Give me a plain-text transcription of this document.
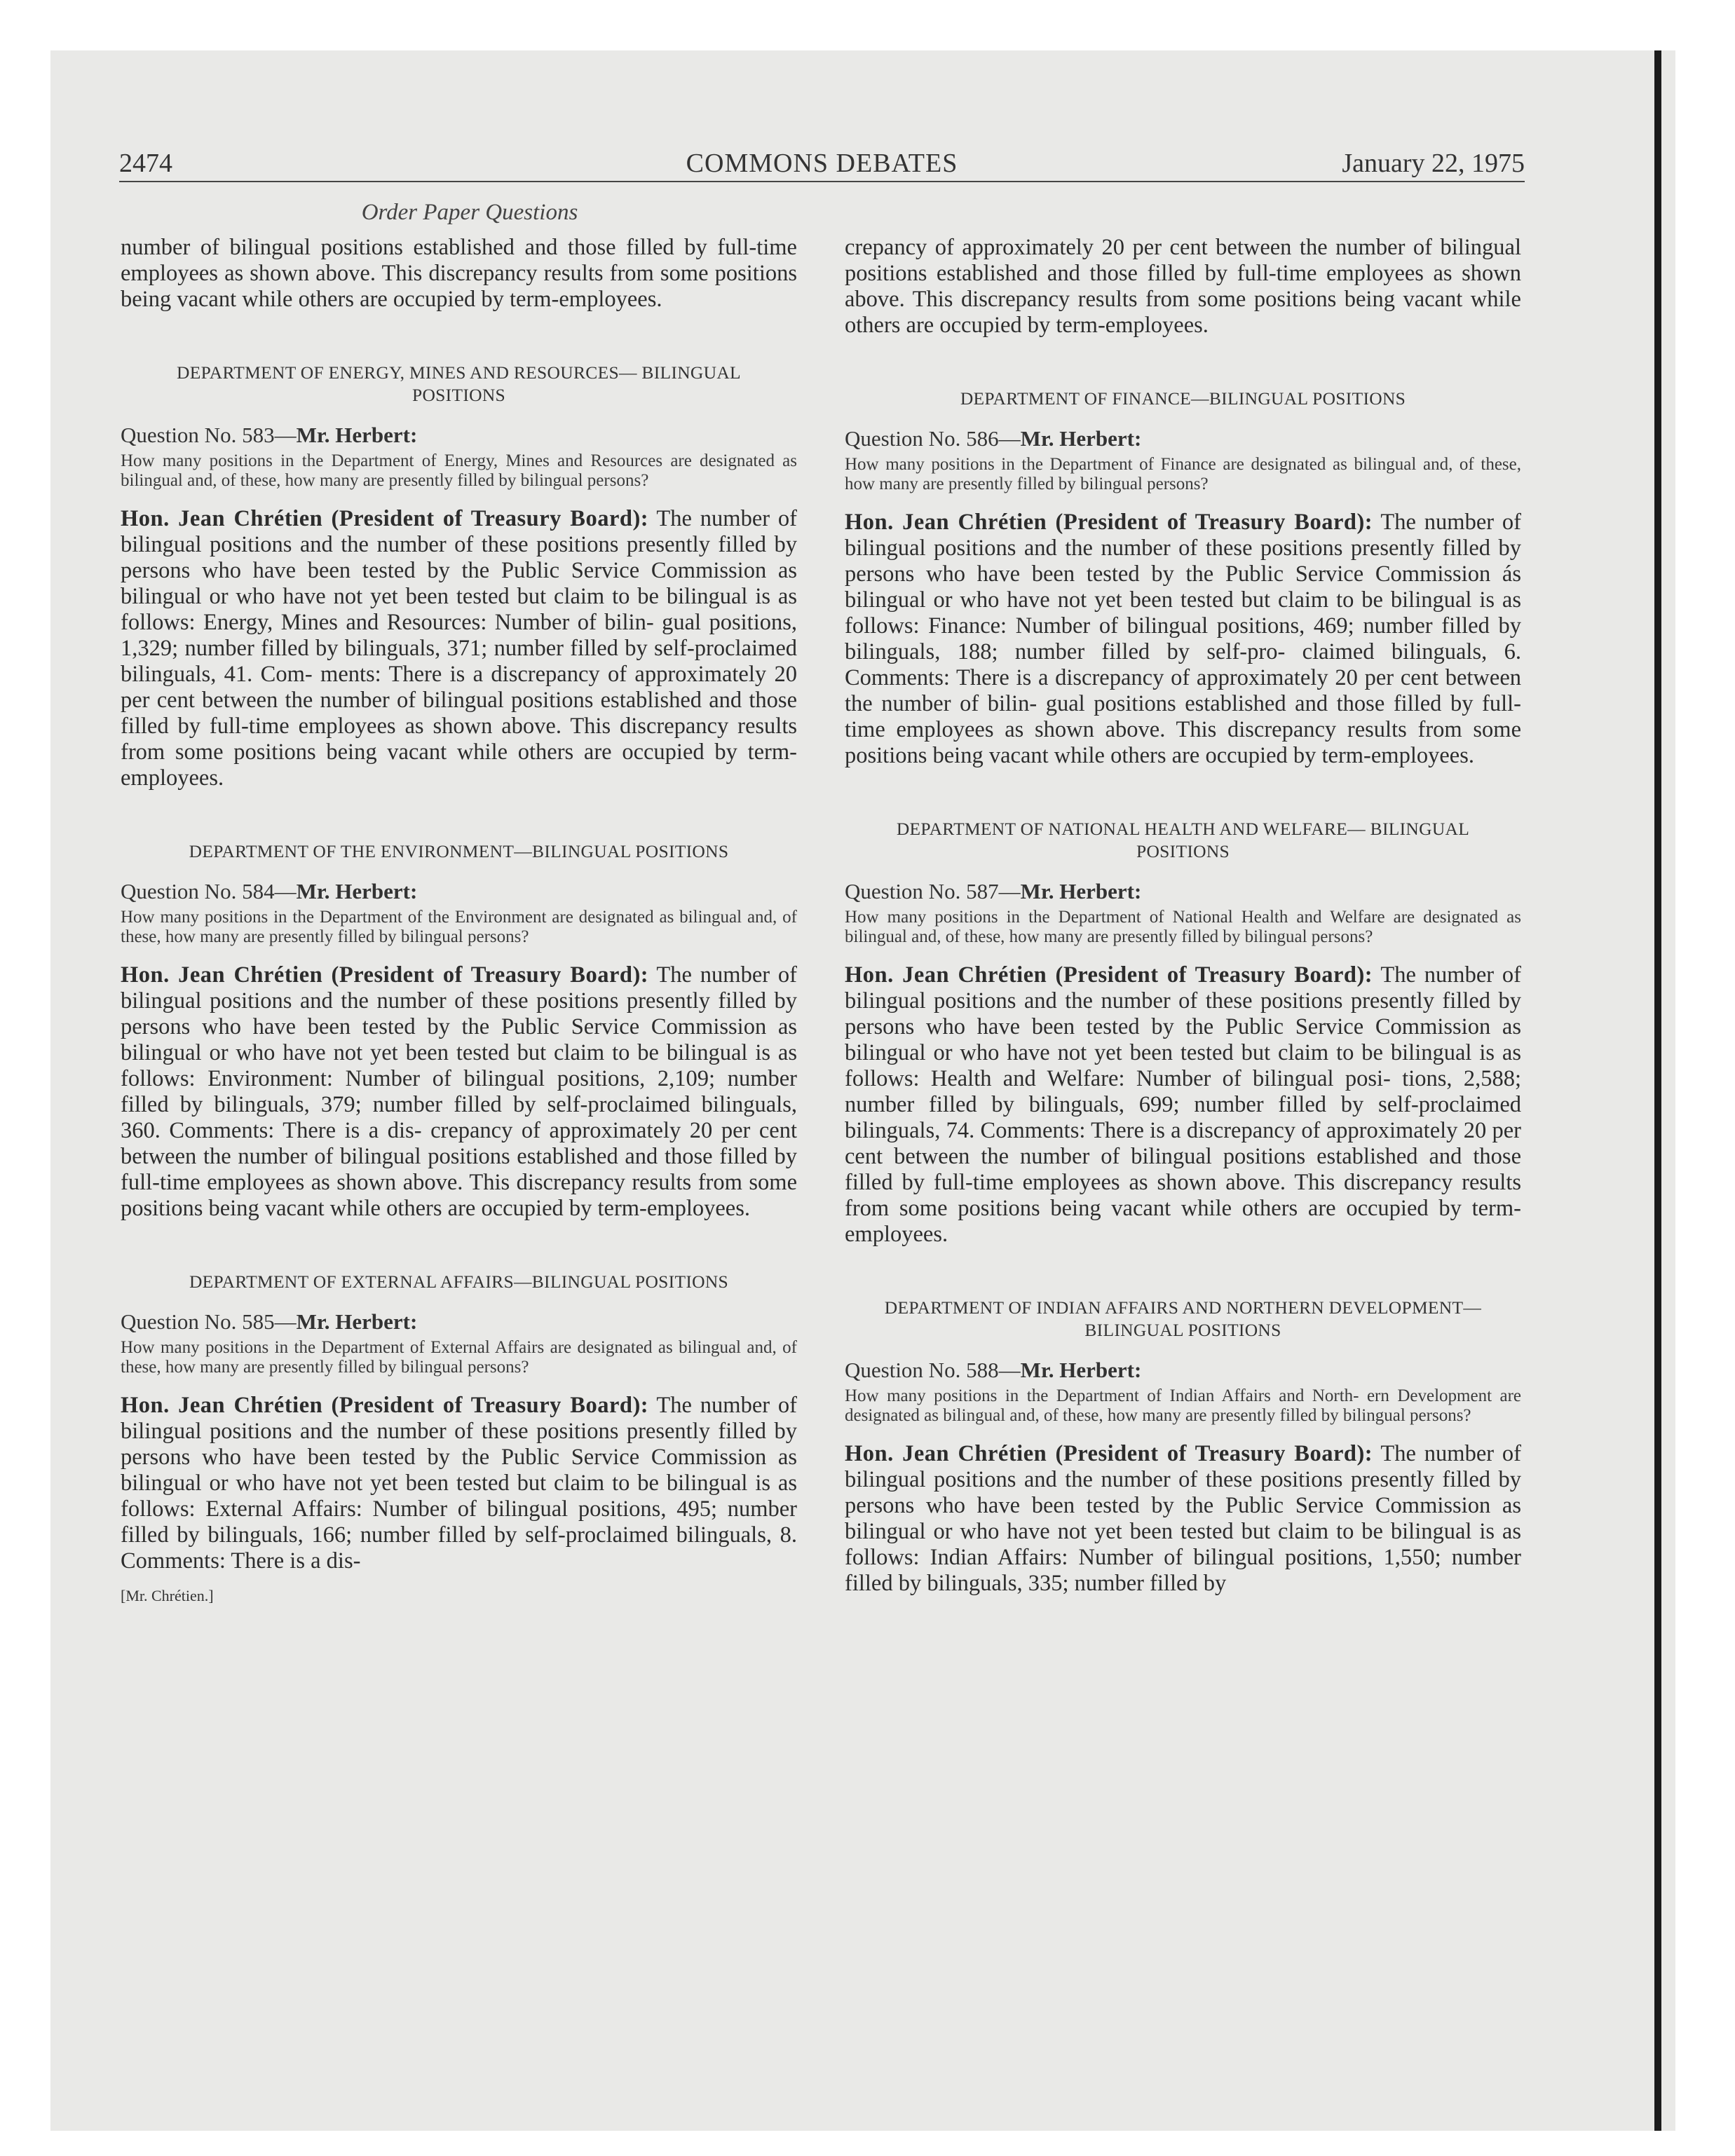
2474	COMMONS DEBATES	January 22, 1975
Order Paper Questions

number of bilingual positions established and those filled by full-time employees as shown above. This discrepancy results from some positions being vacant while others are occupied by term-employees.

DEPARTMENT OF ENERGY, MINES AND RESOURCES— BILINGUAL POSITIONS
Question No. 583—Mr. Herbert:

How many positions in the Department of Energy, Mines and Resources are designated as bilingual and, of these, how many are presently filled by bilingual persons?

Hon. Jean Chrétien (President of Treasury Board): The number of bilingual positions and the number of these positions presently filled by persons who have been tested by the Public Service Commission as bilingual or who have not yet been tested but claim to be bilingual is as follows: Energy, Mines and Resources: Number of bilin- gual positions, 1,329; number filled by bilinguals, 371; number filled by self-proclaimed bilinguals, 41. Com- ments: There is a discrepancy of approximately 20 per cent between the number of bilingual positions established and those filled by full-time employees as shown above. This discrepancy results from some positions being vacant while others are occupied by term-employees.

DEPARTMENT OF THE ENVIRONMENT—BILINGUAL POSITIONS
Question No. 584—Mr. Herbert:

How many positions in the Department of the Environment are designated as bilingual and, of these, how many are presently filled by bilingual persons?

Hon. Jean Chrétien (President of Treasury Board): The number of bilingual positions and the number of these positions presently filled by persons who have been tested by the Public Service Commission as bilingual or who have not yet been tested but claim to be bilingual is as follows: Environment: Number of bilingual positions, 2,109; number filled by bilinguals, 379; number filled by self-proclaimed bilinguals, 360. Comments: There is a dis- crepancy of approximately 20 per cent between the number of bilingual positions established and those filled by full-time employees as shown above. This discrepancy results from some positions being vacant while others are occupied by term-employees.

DEPARTMENT OF EXTERNAL AFFAIRS—BILINGUAL POSITIONS
Question No. 585—Mr. Herbert:

How many positions in the Department of External Affairs are designated as bilingual and, of these, how many are presently filled by bilingual persons?

Hon. Jean Chrétien (President of Treasury Board): The number of bilingual positions and the number of these positions presently filled by persons who have been tested by the Public Service Commission as bilingual or who have not yet been tested but claim to be bilingual is as follows: External Affairs: Number of bilingual positions, 495; number filled by bilinguals, 166; number filled by self-proclaimed bilinguals, 8. Comments: There is a dis-

[Mr. Chrétien.]

crepancy of approximately 20 per cent between the number of bilingual positions established and those filled by full-time employees as shown above. This discrepancy results from some positions being vacant while others are occupied by term-employees.

DEPARTMENT OF FINANCE—BILINGUAL POSITIONS
Question No. 586—Mr. Herbert:

How many positions in the Department of Finance are designated as bilingual and, of these, how many are presently filled by bilingual persons?

Hon. Jean Chrétien (President of Treasury Board): The number of bilingual positions and the number of these positions presently filled by persons who have been tested by the Public Service Commission ás bilingual or who have not yet been tested but claim to be bilingual is as follows: Finance: Number of bilingual positions, 469; number filled by bilinguals, 188; number filled by self-pro- claimed bilinguals, 6. Comments: There is a discrepancy of approximately 20 per cent between the number of bilin- gual positions established and those filled by full-time employees as shown above. This discrepancy results from some positions being vacant while others are occupied by term-employees.

DEPARTMENT OF NATIONAL HEALTH AND WELFARE— BILINGUAL POSITIONS
Question No. 587—Mr. Herbert:

How many positions in the Department of National Health and Welfare are designated as bilingual and, of these, how many are presently filled by bilingual persons?

Hon. Jean Chrétien (President of Treasury Board): The number of bilingual positions and the number of these positions presently filled by persons who have been tested by the Public Service Commission as bilingual or who have not yet been tested but claim to be bilingual is as follows: Health and Welfare: Number of bilingual posi- tions, 2,588; number filled by bilinguals, 699; number filled by self-proclaimed bilinguals, 74. Comments: There is a discrepancy of approximately 20 per cent between the number of bilingual positions established and those filled by full-time employees as shown above. This discrepancy results from some positions being vacant while others are occupied by term-employees.

DEPARTMENT OF INDIAN AFFAIRS AND NORTHERN DEVELOPMENT—BILINGUAL POSITIONS
Question No. 588—Mr. Herbert:

How many positions in the Department of Indian Affairs and North- ern Development are designated as bilingual and, of these, how many are presently filled by bilingual persons?

Hon. Jean Chrétien (President of Treasury Board): The number of bilingual positions and the number of these positions presently filled by persons who have been tested by the Public Service Commission as bilingual or who have not yet been tested but claim to be bilingual is as follows: Indian Affairs: Number of bilingual positions, 1,550; number filled by bilinguals, 335; number filled by
